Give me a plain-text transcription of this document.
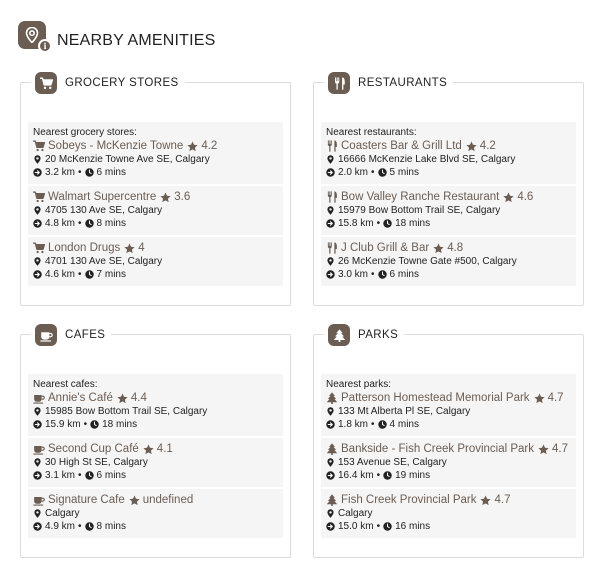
i NEARBY AMENITIES
GROCERY STORES
Nearest grocery stores:
Sobeys - McKenzie Towne 4.2
20 McKenzie Towne Ave SE, Calgary
3.2 km • 6 mins
Walmart Supercentre 3.6
4705 130 Ave SE, Calgary
4.8 km • 8 mins
London Drugs 4
4701 130 Ave SE, Calgary
4.6 km • 7 mins
RESTAURANTS
Nearest restaurants:
Coasters Bar & Grill Ltd 4.2
16666 McKenzie Lake Blvd SE, Calgary
2.0 km • 5 mins
Bow Valley Ranche Restaurant 4.6
15979 Bow Bottom Trail SE, Calgary
15.8 km • 18 mins
J Club Grill & Bar 4.8
26 McKenzie Towne Gate #500, Calgary
3.0 km • 6 mins
CAFES
Nearest cafes:
Annie's Café 4.4
15985 Bow Bottom Trail SE, Calgary
15.9 km • 18 mins
Second Cup Café 4.1
30 High St SE, Calgary
3.1 km • 6 mins
Signature Cafe undefined
Calgary
4.9 km • 8 mins
PARKS
Nearest parks:
Patterson Homestead Memorial Park 4.7
133 Mt Alberta Pl SE, Calgary
1.8 km • 4 mins
Bankside - Fish Creek Provincial Park 4.7
153 Avenue SE, Calgary
16.4 km • 19 mins
Fish Creek Provincial Park 4.7
Calgary
15.0 km • 16 mins
